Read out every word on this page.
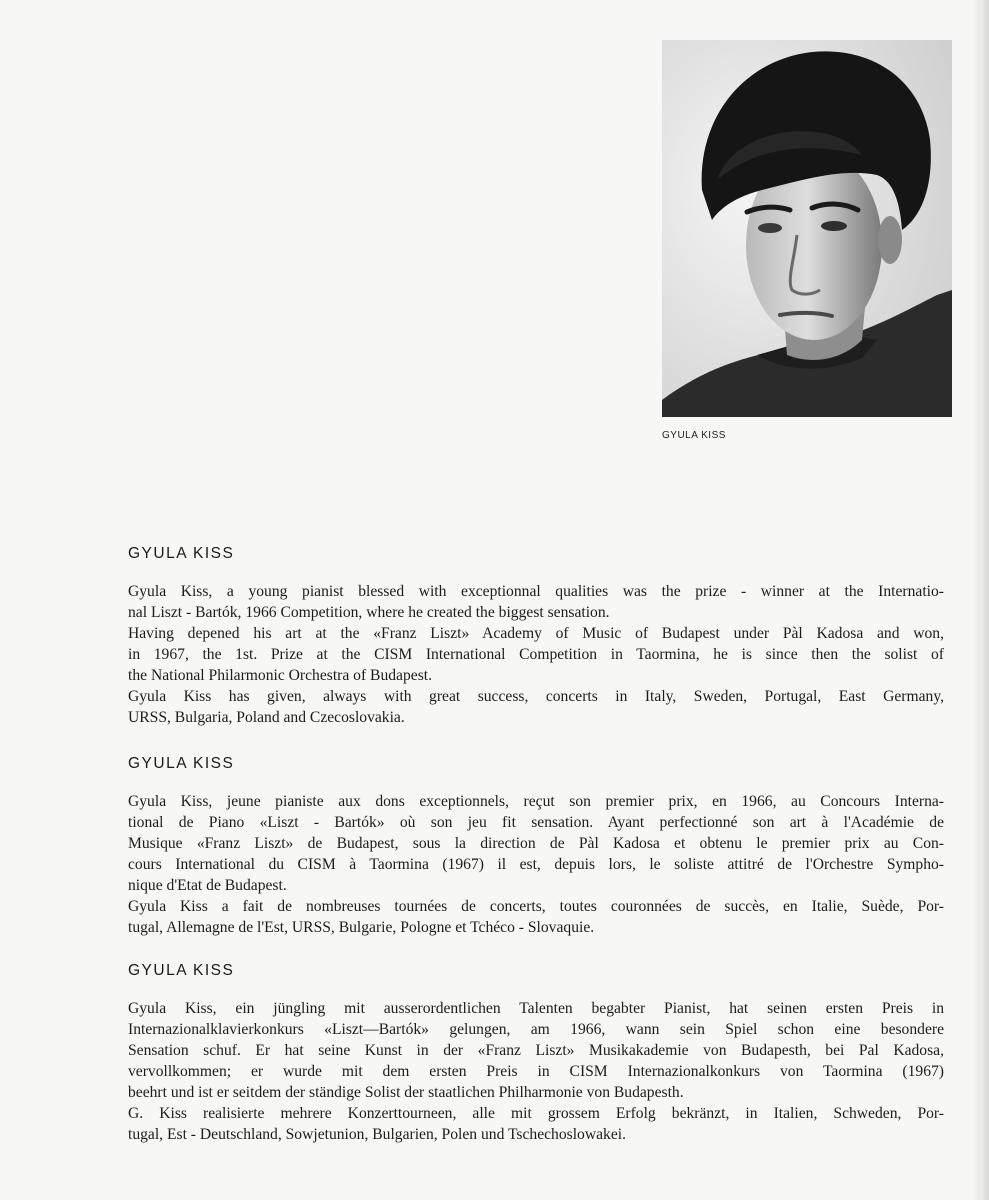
GYULA KISS
GYULA KISS
Gyula Kiss, a young pianist blessed with exceptionnal qualities was the prize - winner at the Internatio-
nal Liszt - Bartók, 1966 Competition, where he created the biggest sensation.
Having depened his art at the «Franz Liszt» Academy of Music of Budapest under Pàl Kadosa and won,
in 1967, the 1st. Prize at the CISM International Competition in Taormina, he is since then the solist of
the National Philarmonic Orchestra of Budapest.
Gyula Kiss has given, always with great success, concerts in Italy, Sweden, Portugal, East Germany,
URSS, Bulgaria, Poland and Czecoslovakia.
GYULA KISS
Gyula Kiss, jeune pianiste aux dons exceptionnels, reçut son premier prix, en 1966, au Concours Interna-
tional de Piano «Liszt - Bartók» où son jeu fit sensation. Ayant perfectionné son art à l'Académie de
Musique «Franz Liszt» de Budapest, sous la direction de Pàl Kadosa et obtenu le premier prix au Con-
cours International du CISM à Taormina (1967) il est, depuis lors, le soliste attitré de l'Orchestre Sympho-
nique d'Etat de Budapest.
Gyula Kiss a fait de nombreuses tournées de concerts, toutes couronnées de succès, en Italie, Suède, Por-
tugal, Allemagne de l'Est, URSS, Bulgarie, Pologne et Tchéco - Slovaquie.
GYULA KISS
Gyula Kiss, ein jüngling mit ausserordentlichen Talenten begabter Pianist, hat seinen ersten Preis in
Internazionalklavierkonkurs «Liszt—Bartók» gelungen, am 1966, wann sein Spiel schon eine besondere
Sensation schuf. Er hat seine Kunst in der «Franz Liszt» Musikakademie von Budapesth, bei Pal Kadosa,
vervollkommen; er wurde mit dem ersten Preis in CISM Internazionalkonkurs von Taormina (1967)
beehrt und ist er seitdem der ständige Solist der staatlichen Philharmonie von Budapesth.
G. Kiss realisierte mehrere Konzerttourneen, alle mit grossem Erfolg bekränzt, in Italien, Schweden, Por-
tugal, Est - Deutschland, Sowjetunion, Bulgarien, Polen und Tschechoslowakei.
